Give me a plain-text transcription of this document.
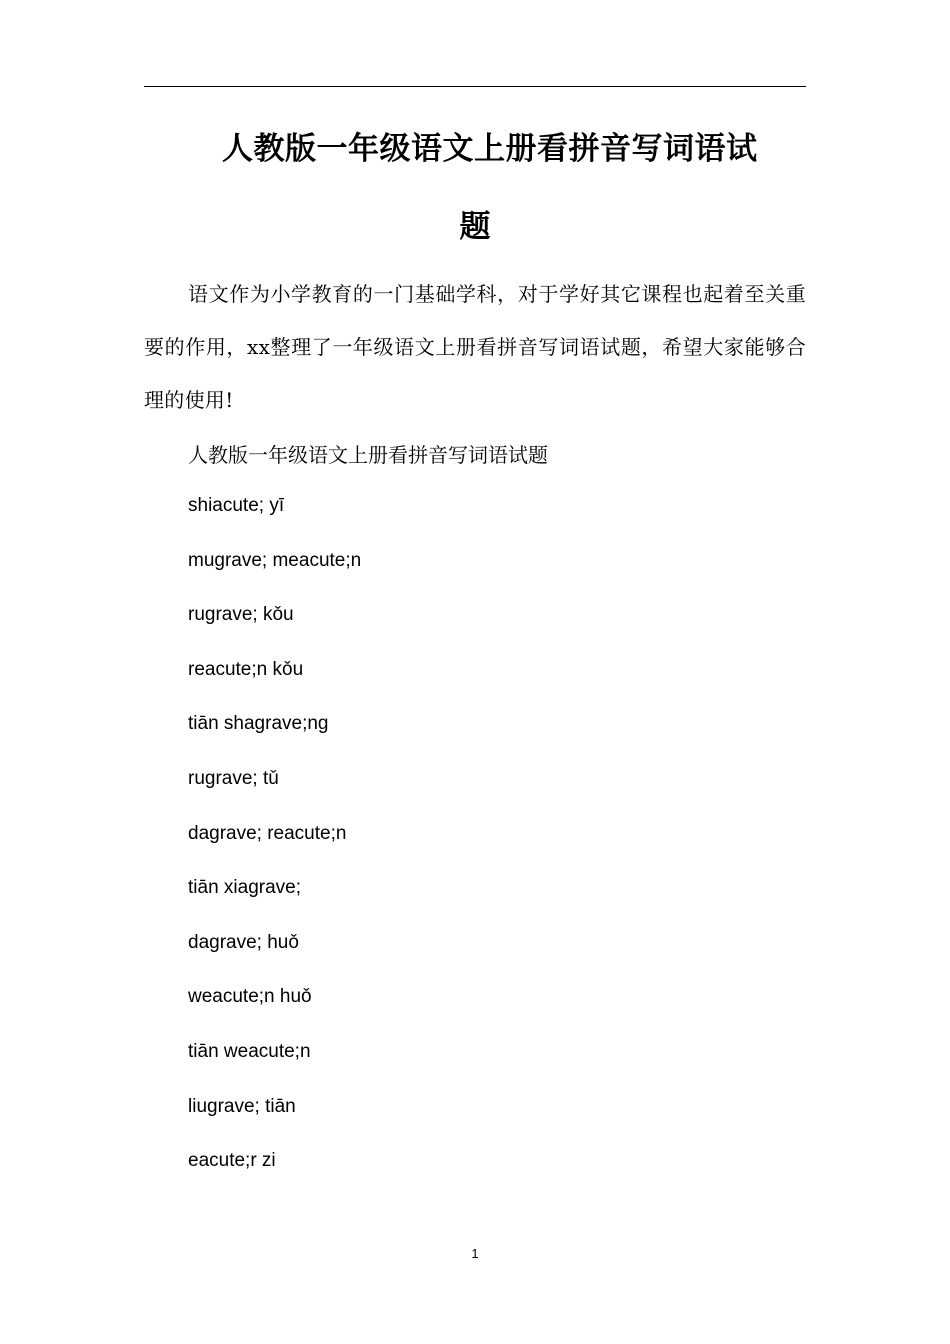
人教版一年级语文上册看拼音写词语试
题

语文作为小学教育的一门基础学科，对于学好其它课程也起着至关重要的作用，xx整理了一年级语文上册看拼音写词语试题，希望大家能够合理的使用!

人教版一年级语文上册看拼音写词语试题

shiacute; yī
mugrave; meacute;n
rugrave; kǒu
reacute;n kǒu
tiān shagrave;ng
rugrave; tǔ
dagrave; reacute;n
tiān xiagrave;
dagrave; huǒ
weacute;n huǒ
tiān weacute;n
liugrave; tiān
eacute;r zi
1
